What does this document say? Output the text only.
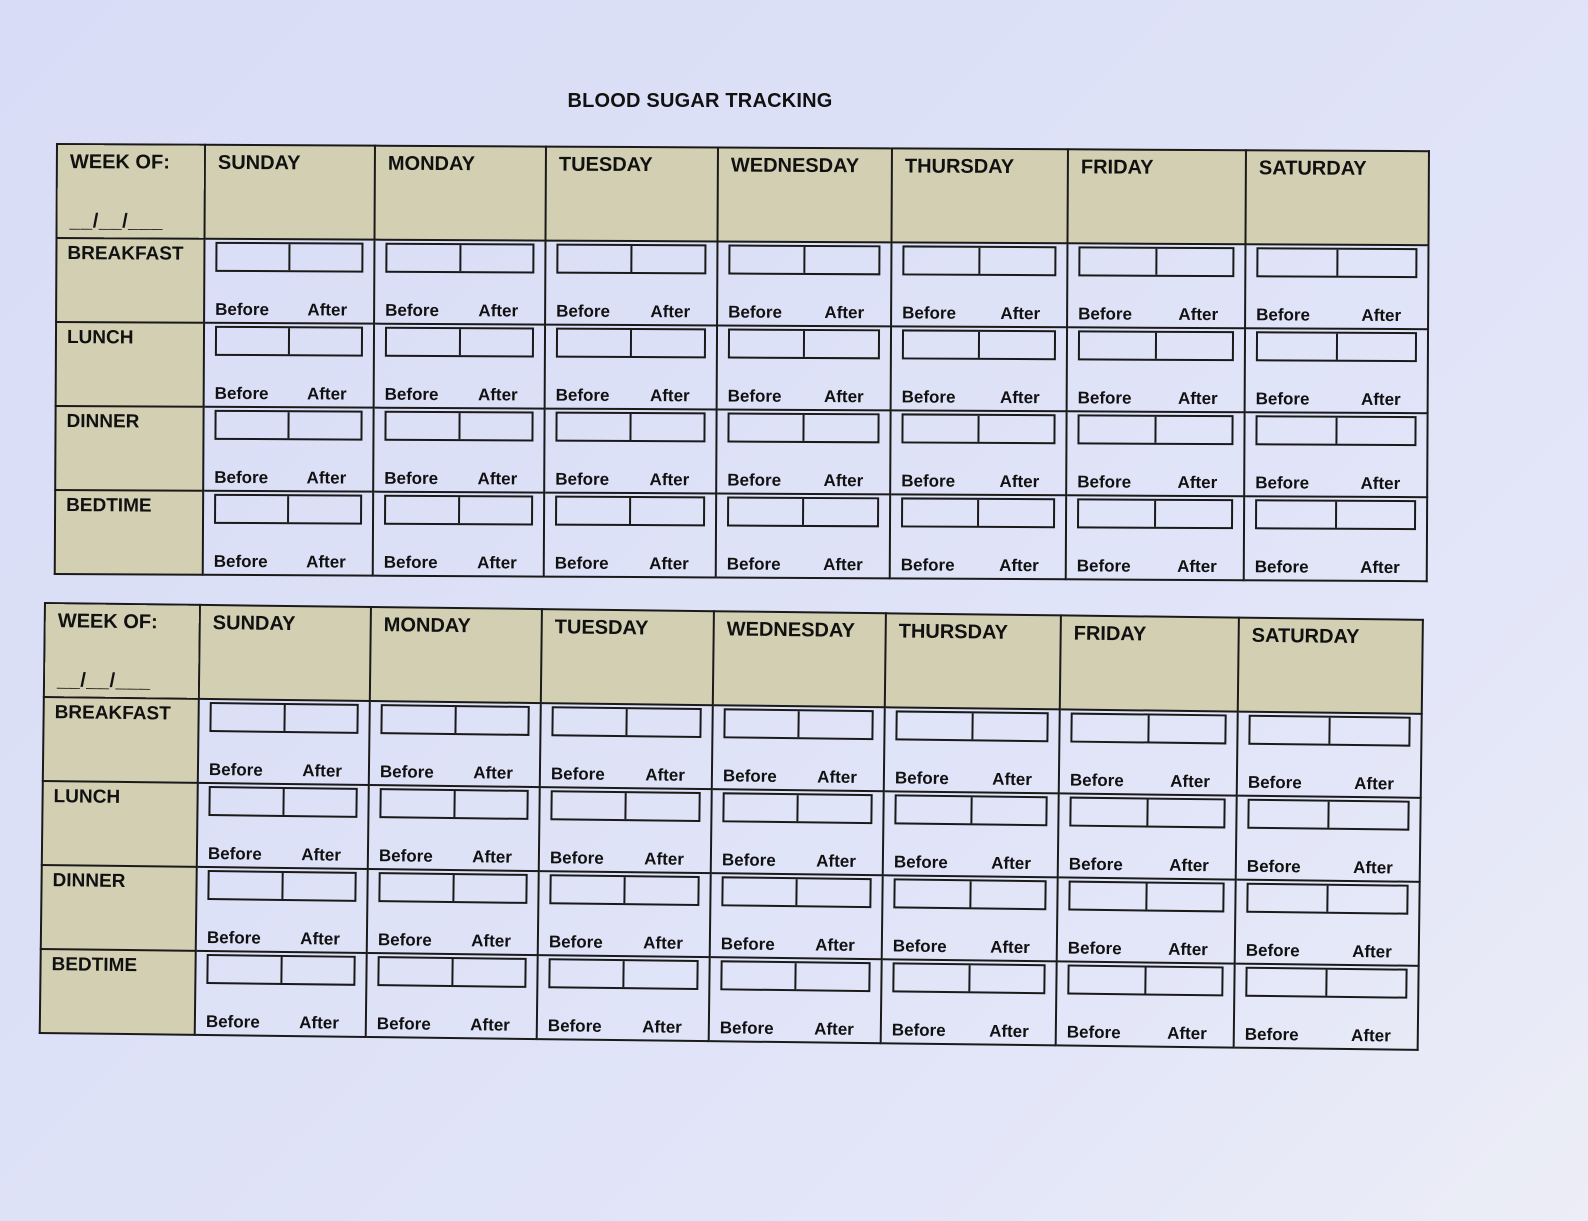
BLOOD SUGAR TRACKING
WEEK OF:
__/__/___	SUNDAY	MONDAY	TUESDAY	WEDNESDAY	THURSDAY	FRIDAY	SATURDAY

BREAKFAST	Before After	Before After	Before After	Before After	Before After	Before After	Before After

LUNCH	Before After	Before After	Before After	Before After	Before After	Before After	Before After

DINNER	Before After	Before After	Before After	Before After	Before After	Before After	Before After

BEDTIME	Before After	Before After	Before After	Before After	Before After	Before After	Before After
WEEK OF:
__/__/___	SUNDAY	MONDAY	TUESDAY	WEDNESDAY	THURSDAY	FRIDAY	SATURDAY

BREAKFAST	Before After	Before After	Before After	Before After	Before After	Before After	Before After

LUNCH	Before After	Before After	Before After	Before After	Before After	Before After	Before After

DINNER	Before After	Before After	Before After	Before After	Before After	Before After	Before After

BEDTIME	Before After	Before After	Before After	Before After	Before After	Before After	Before After
